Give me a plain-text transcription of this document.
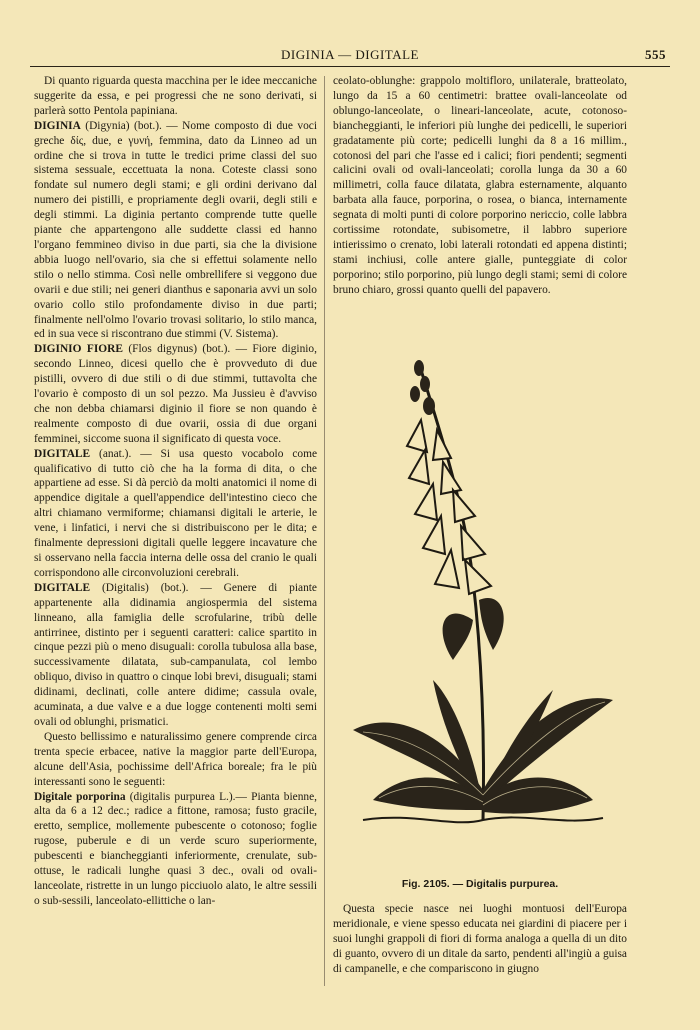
DIGINIA — DIGITALE	555

Di quanto riguarda questa macchina per le idee meccaniche suggerite da essa, e pei progressi che ne sono derivati, si parlerà sotto Pentola papiniana.

DIGINIA (Digynia) (bot.). — Nome composto di due voci greche δίς, due, e γυνή, femmina, dato da Linneo ad un ordine che si trova in tutte le tredici prime classi del suo sistema sessuale, eccettuata la nona. Coteste classi sono fondate sul numero degli stami; e gli ordini derivano dal numero dei pistilli, e propriamente degli ovarii, degli stili e degli stimmi. La diginia pertanto comprende tutte quelle piante che appartengono alle suddette classi ed hanno l'organo femmineo diviso in due parti, sia che la divisione abbia luogo nell'ovario, sia che si effettui solamente nello stilo o nello stimma. Così nelle ombrellifere si veggono due ovarii e due stili; nei generi dianthus e saponaria avvi un solo ovario collo stilo profondamente diviso in due parti; finalmente nell'olmo l'ovario trovasi solitario, lo stilo manca, ed in sua vece si riscontrano due stimmi (V. Sistema).

DIGINIO FIORE (Flos digynus) (bot.). — Fiore diginio, secondo Linneo, dicesi quello che è provveduto di due pistilli, ovvero di due stili o di due stimmi, tuttavolta che l'ovario è composto di un sol pezzo. Ma Jussieu è d'avviso che non debba chiamarsi diginio il fiore se non quando è realmente composto di due ovarii, ossia di due organi femminei, siccome suona il significato di questa voce.

DIGITALE (anat.). — Si usa questo vocabolo come qualificativo di tutto ciò che ha la forma di dita, o che appartiene ad esse. Si dà perciò da molti anatomici il nome di appendice digitale a quell'appendice dell'intestino cieco che altri chiamano vermiforme; chiamansi digitali le arterie, le vene, i linfatici, i nervi che si distribuiscono per le dita; e finalmente depressioni digitali quelle leggere incavature che si osservano nella faccia interna delle ossa del cranio le quali corrispondono alle circonvoluzioni cerebrali.

DIGITALE (Digitalis) (bot.). — Genere di piante appartenente alla didinamia angiospermia del sistema linneano, alla famiglia delle scrofularine, tribù delle antirrinee, distinto per i seguenti caratteri: calice spartito in cinque pezzi più o meno disuguali: corolla tubulosa alla base, successivamente dilatata, sub-campanulata, col lembo obliquo, diviso in quattro o cinque lobi brevi, disuguali; stami didinami, declinati, colle antere didime; cassula ovale, acuminata, a due valve e a due logge contenenti molti semi ovali od oblunghi, prismatici.

Questo bellissimo e naturalissimo genere comprende circa trenta specie erbacee, native la maggior parte dell'Europa, alcune dell'Asia, pochissime dell'Africa boreale; fra le più interessanti sono le seguenti:

Digitale porporina (digitalis purpurea L.).— Pianta bienne, alta da 6 a 12 dec.; radice a fittone, ramosa; fusto gracile, eretto, semplice, mollemente pubescente o cotonoso; foglie rugose, puberule e di un verde scuro superiormente, pubescenti e biancheggianti inferiormente, crenulate, sub-ottuse, le radicali lunghe quasi 3 dec., ovali od ovali-lanceolate, ristrette in un lungo picciuolo alato, le altre sessili o sub-sessili, lanceolato-ellittiche o lan-

ceolato-oblunghe: grappolo moltifloro, unilaterale, bratteolato, lungo da 15 a 60 centimetri: brattee ovali-lanceolate od oblungo-lanceolate, o lineari-lanceolate, acute, cotonoso-biancheggianti, le inferiori più lunghe dei pedicelli, le superiori gradatamente più corte; pedicelli lunghi da 8 a 16 millim., cotonosi del pari che l'asse ed i calici; fiori pendenti; segmenti calicini ovali od ovali-lanceolati; corolla lunga da 30 a 60 millimetri, colla fauce dilatata, glabra esternamente, alquanto barbata alla fauce, porporina, o rosea, o bianca, internamente segnata di molti punti di colore porporino nericcio, colle labbra cortissime rotondate, subisometre, il labbro superiore intierissimo o crenato, lobi laterali rotondati ed appena distinti; stami inchiusi, colle antere gialle, punteggiate di color porporino; stilo porporino, più lungo degli stami; semi di colore bruno chiaro, grossi quanto quelli del papavero.

Fig. 2105. — Digitalis purpurea.

Questa specie nasce nei luoghi montuosi dell'Europa meridionale, e viene spesso educata nei giardini di piacere per i suoi lunghi grappoli di fiori di forma analoga a quella di un dito di guanto, ovvero di un ditale da sarto, pendenti all'ingiù a guisa di campanelle, e che compariscono in giugno
